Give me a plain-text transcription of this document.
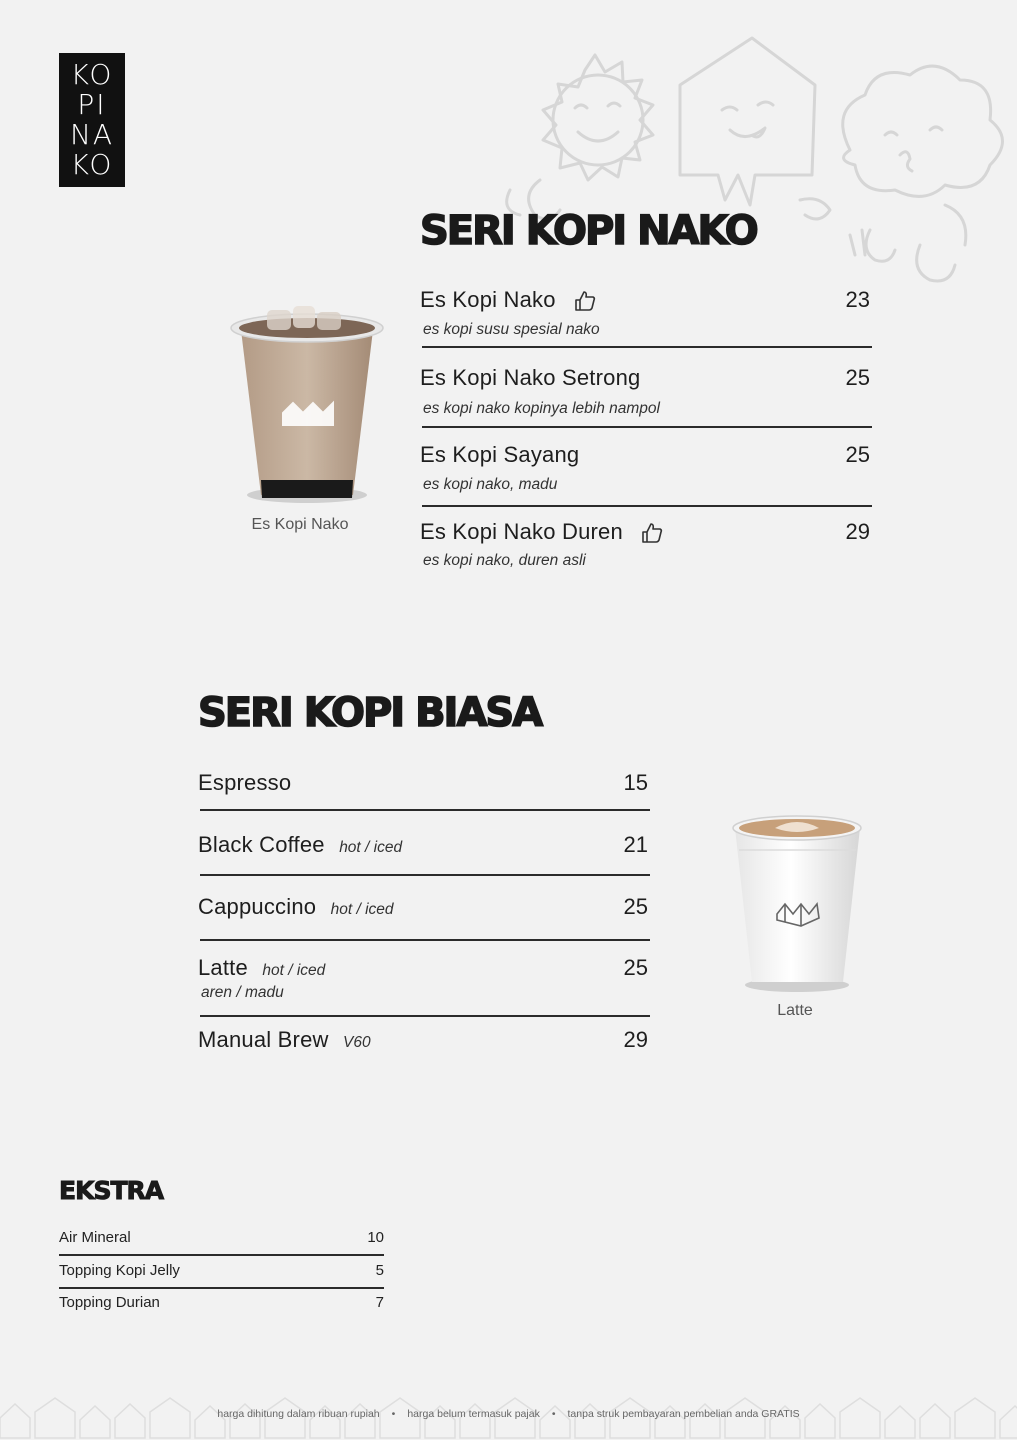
KO
PI
NA
KO
SERI KOPI NAKO
Es Kopi Nako
Es Kopi Nako	23
es kopi susu spesial nako
Es Kopi Nako Setrong	25
es kopi nako kopinya lebih nampol
Es Kopi Sayang	25
es kopi nako, madu
Es Kopi Nako Duren	29
es kopi nako, duren asli
SERI KOPI BIASA
Espresso	15
Black Coffee hot / iced	21
Cappuccino hot / iced	25
Latte hot / iced	25
aren / madu
Manual Brew V60	29
Latte
EKSTRA
Air Mineral	10
Topping Kopi Jelly	5
Topping Durian	7
harga dihitung dalam ribuan rupiah • harga belum termasuk pajak • tanpa struk pembayaran pembelian anda GRATIS
